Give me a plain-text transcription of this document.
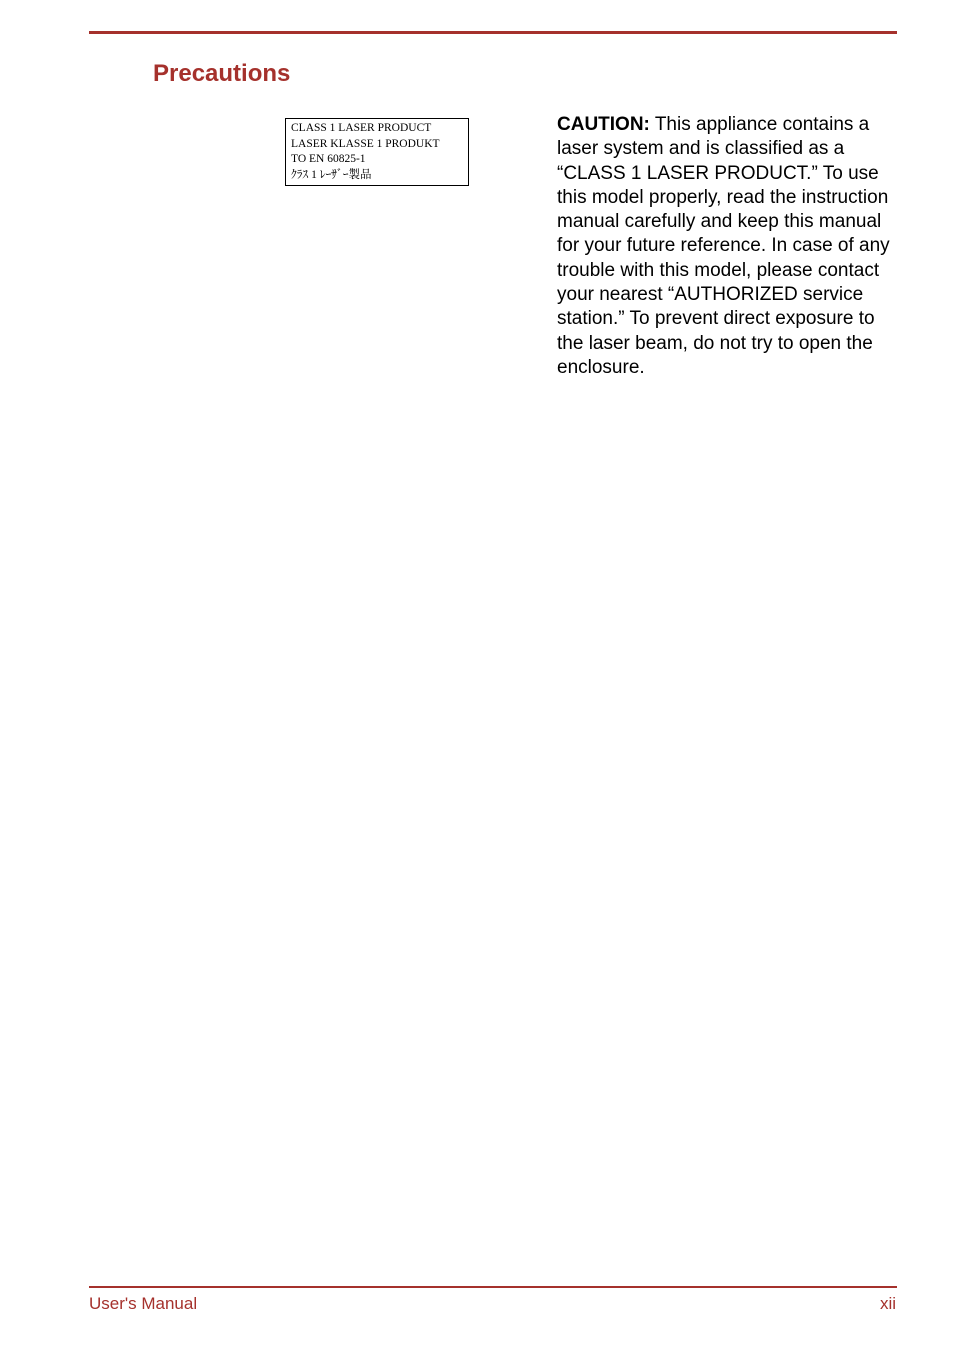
Precautions
CLASS 1 LASER PRODUCT
LASER KLASSE 1 PRODUKT
TO EN 60825-1
ｸﾗｽ 1 ﾚｰｻﾞｰ製品

CAUTION: This appliance contains a laser system and is classified as a “CLASS 1 LASER PRODUCT.” To use this model properly, read the instruction manual carefully and keep this manual for your future reference. In case of any trouble with this model, please contact your nearest “AUTHORIZED service station.” To prevent direct exposure to the laser beam, do not try to open the enclosure.

User's Manual	xii
